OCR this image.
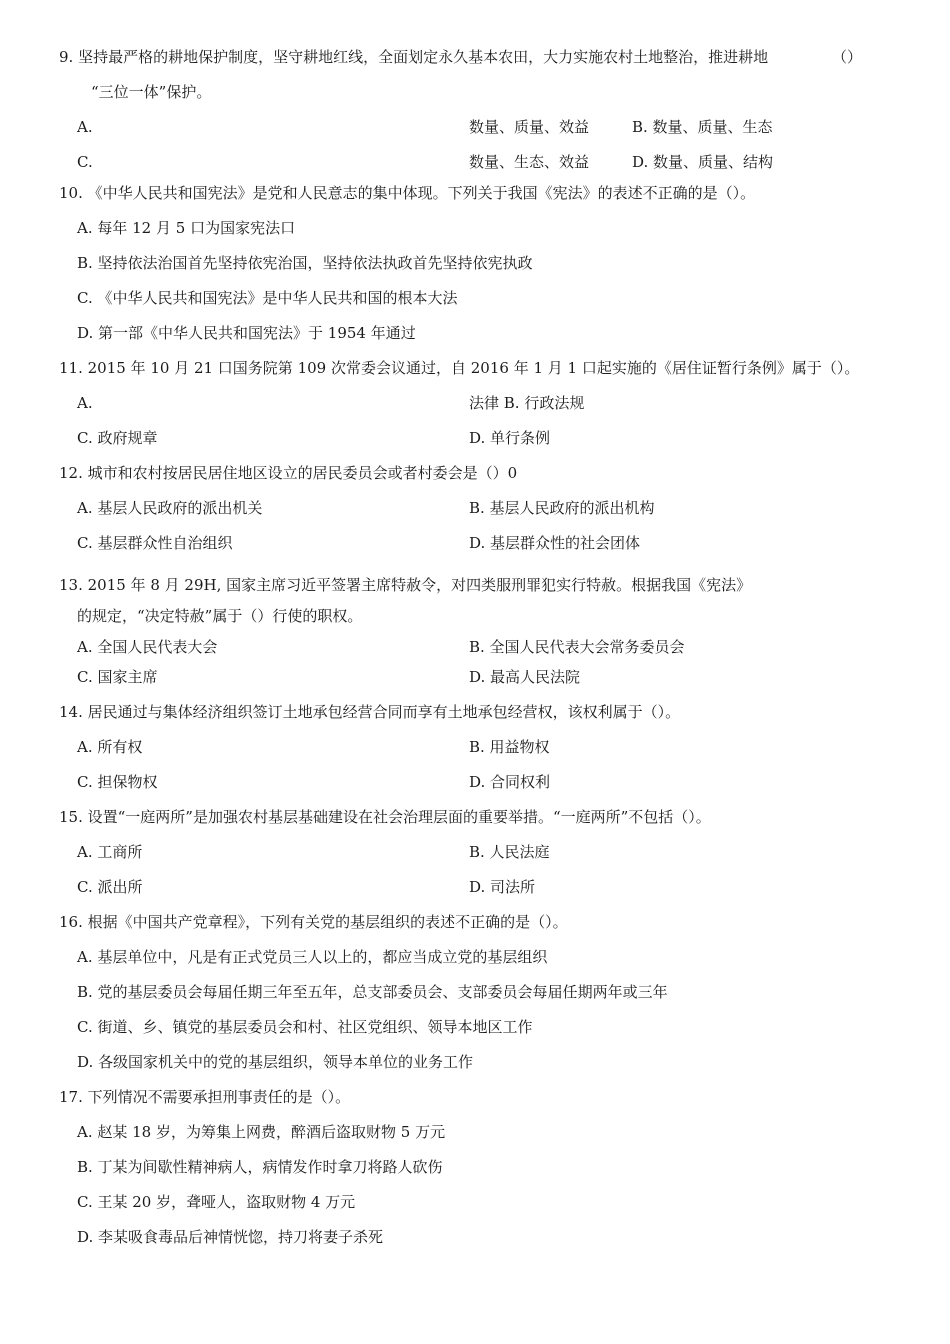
9. 坚持最严格的耕地保护制度，坚守耕地红线，全面划定永久基本农田，大力实施农村土地整治，推进耕地	（）
“三位一体”保护。
A.	数量、质量、效益	B. 数量、质量、生态
C.	数量、生态、效益	D. 数量、质量、结构
10. 《中华人民共和国宪法》是党和人民意志的集中体现。下列关于我国《宪法》的表述不正确的是（）。
A. 每年 12 月 5 口为国家宪法口
B. 坚持依法治国首先坚持依宪治国，坚持依法执政首先坚持依宪执政
C. 《中华人民共和国宪法》是中华人民共和国的根本大法
D. 第一部《中华人民共和国宪法》于 1954 年通过
11. 2015 年 10 月 21 口国务院第 109 次常委会议通过，自 2016 年 1 月 1 口起实施的《居住证暂行条例》属于（）。
A.	法律 B. 行政法规
C. 政府规章	D. 单行条例
12. 城市和农村按居民居住地区设立的居民委员会或者村委会是（）0
A. 基层人民政府的派出机关	B. 基层人民政府的派出机构
C. 基层群众性自治组织	D. 基层群众性的社会团体
13. 2015 年 8 月 29H, 国家主席习近平签署主席特赦令，对四类服刑罪犯实行特赦。根据我国《宪法》
的规定，“决定特赦”属于（）行使的职权。
A. 全国人民代表大会	B. 全国人民代表大会常务委员会
C. 国家主席	D. 最高人民法院
14. 居民通过与集体经济组织签订土地承包经营合同而享有土地承包经营权，该权利属于（）。
A. 所有权	B. 用益物权
C. 担保物权	D. 合同权利
15. 设置“一庭两所”是加强农村基层基础建设在社会治理层面的重要举措。“一庭两所”不包括（）。
A. 工商所	B. 人民法庭
C. 派出所	D. 司法所
16. 根据《中国共产党章程》，下列有关党的基层组织的表述不正确的是（）。
A. 基层单位中，凡是有正式党员三人以上的，都应当成立党的基层组织
B. 党的基层委员会每届任期三年至五年，总支部委员会、支部委员会每届任期两年或三年
C. 街道、乡、镇党的基层委员会和村、社区党组织、领导本地区工作
D. 各级国家机关中的党的基层组织，领导本单位的业务工作
17. 下列情况不需要承担刑事责任的是（）。
A. 赵某 18 岁，为筹集上网费，醉酒后盗取财物 5 万元
B. 丁某为间歇性精神病人，病情发作时拿刀将路人砍伤
C. 王某 20 岁，聋哑人，盗取财物 4 万元
D. 李某吸食毒品后神情恍惚，持刀将妻子杀死
